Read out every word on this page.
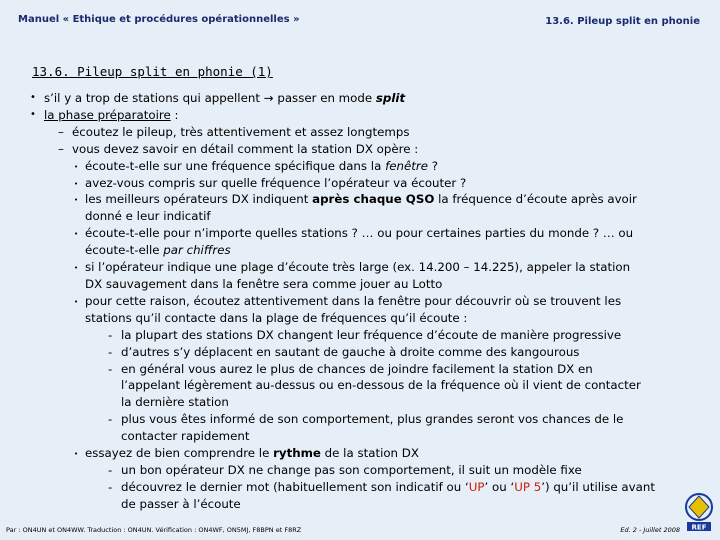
Manuel « Ethique et procédures opérationnelles »	13.6. Pileup split en phonie
13.6. Pileup split en phonie (1)
• s’il y a trop de stations qui appellent → passer en mode split
• la phase préparatoire :
– écoutez le pileup, très attentivement et assez longtemps
– vous devez savoir en détail comment la station DX opère :
• écoute-t-elle sur une fréquence spécifique dans la fenêtre ?
• avez-vous compris sur quelle fréquence l’opérateur va écouter ?
• les meilleurs opérateurs DX indiquent après chaque QSO la fréquence d’écoute après avoir
donné e leur indicatif
• écoute-t-elle pour n’importe quelles stations ? … ou pour certaines parties du monde ? … ou
écoute-t-elle par chiffres
• si l’opérateur indique une plage d’écoute très large (ex. 14.200 – 14.225), appeler la station
DX sauvagement dans la fenêtre sera comme jouer au Lotto
• pour cette raison, écoutez attentivement dans la fenêtre pour découvrir où se trouvent les
stations qu’il contacte dans la plage de fréquences qu’il écoute :
- la plupart des stations DX changent leur fréquence d’écoute de manière progressive
- d’autres s’y déplacent en sautant de gauche à droite comme des kangourous
- en général vous aurez le plus de chances de joindre facilement la station DX en
l’appelant légèrement au-dessus ou en-dessous de la fréquence où il vient de contacter
la dernière station
- plus vous êtes informé de son comportement, plus grandes seront vos chances de le
contacter rapidement
• essayez de bien comprendre le rythme de la station DX
- un bon opérateur DX ne change pas son comportement, il suit un modèle fixe
- découvrez le dernier mot (habituellement son indicatif ou ‘UP’ ou ‘UP 5’) qu’il utilise avant
de passer à l’écoute
Par : ON4UN et ON4WW. Traduction : ON4UN. Vérification : ON4WF, ON5MJ, F8BPN et F8RZ	Ed. 2 - Juillet 2008 REF
